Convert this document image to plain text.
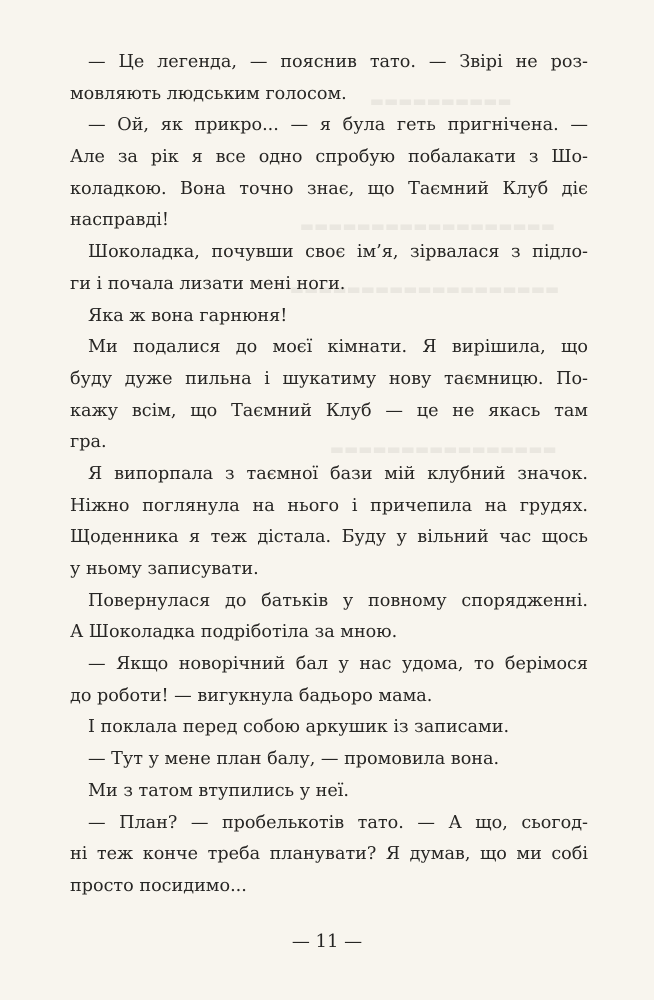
▬▬▬▬▬▬▬▬▬▬
▬▬▬▬▬▬▬▬▬▬▬▬▬▬▬▬▬▬
▬▬▬▬▬▬▬▬▬▬▬▬▬▬▬▬▬▬▬
▬▬▬▬▬▬▬▬▬▬▬▬▬▬▬▬
— Це легенда, — пояснив тато. — Звірі не роз-
мовляють людським голосом.
— Ой, як прикро... — я була геть пригнічена. —
Але за рік я все одно спробую побалакати з Шо-
коладкою. Вона точно знає, що Таємний Клуб діє
насправді!
Шоколадка, почувши своє ім’я, зірвалася з підло-
ги і почала лизати мені ноги.
Яка ж вона гарнюня!
Ми подалися до моєї кімнати. Я вирішила, що
буду дуже пильна і шукатиму нову таємницю. По-
кажу всім, що Таємний Клуб — це не якась там
гра.
Я випорпала з таємної бази мій клубний значок.
Ніжно поглянула на нього і причепила на грудях.
Щоденника я теж дістала. Буду у вільний час щось
у ньому записувати.
Повернулася до батьків у повному спорядженні.
А Шоколадка подріботіла за мною.
— Якщо новорічний бал у нас удома, то берімося
до роботи! — вигукнула бадьоро мама.
І поклала перед собою аркушик із записами.
— Тут у мене план балу, — промовила вона.
Ми з татом втупились у неї.
— План? — пробелькотів тато. — А що, сьогод-
ні теж конче треба планувати? Я думав, що ми собі
просто посидимо...
— 11 —
